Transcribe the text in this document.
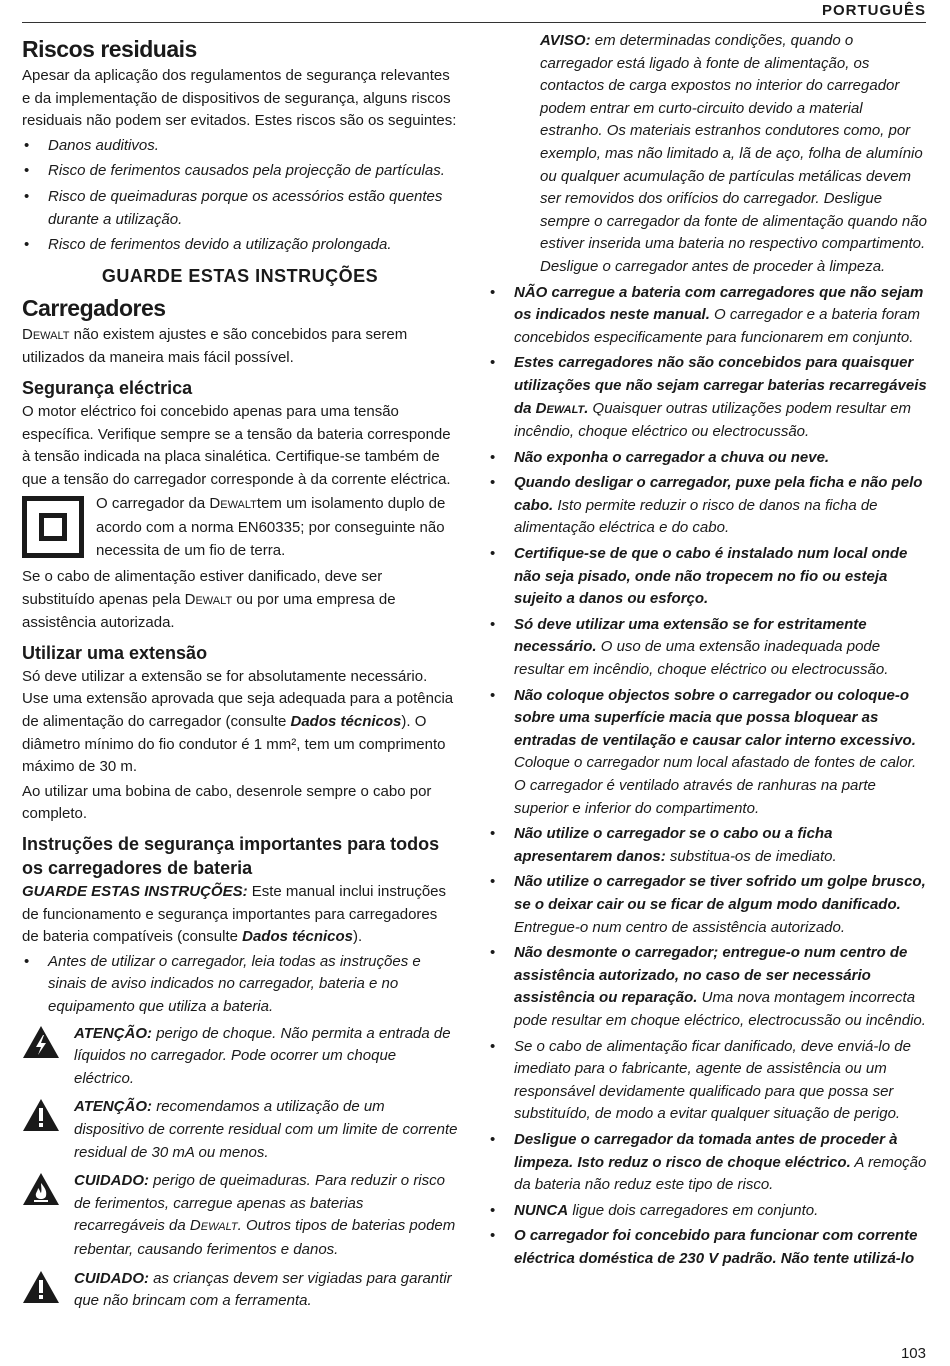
PORTUGUÊS
Riscos residuais

Apesar da aplicação dos regulamentos de segurança relevantes e da implementação de dispositivos de segurança, alguns riscos residuais não podem ser evitados. Estes riscos são os seguintes:

• Danos auditivos.
• Risco de ferimentos causados pela projecção de partículas.
• Risco de queimaduras porque os acessórios estão quentes durante a utilização.
• Risco de ferimentos devido a utilização prolongada.
GUARDE ESTAS INSTRUÇÕES
Carregadores

DEWALT não existem ajustes e são concebidos para serem utilizados da maneira mais fácil possível.

Segurança eléctrica

O motor eléctrico foi concebido apenas para uma tensão específica. Verifique sempre se a tensão da bateria corresponde à tensão indicada na placa sinalética. Certifique-se também de que a tensão do carregador corresponde à da corrente eléctrica.

O carregador da DEWALTtem um isolamento duplo de acordo com a norma EN60335; por conseguinte não necessita de um fio de terra.

Se o cabo de alimentação estiver danificado, deve ser substituído apenas pela DEWALT ou por uma empresa de assistência autorizada.

Utilizar uma extensão

Só deve utilizar a extensão se for absolutamente necessário. Use uma extensão aprovada que seja adequada para a potência de alimentação do carregador (consulte Dados técnicos). O diâmetro mínimo do fio condutor é 1 mm², tem um comprimento máximo de 30 m.

Ao utilizar uma bobina de cabo, desenrole sempre o cabo por completo.

Instruções de segurança importantes para todos os carregadores de bateria

GUARDE ESTAS INSTRUÇÕES: Este manual inclui instruções de funcionamento e segurança importantes para carregadores de bateria compatíveis (consulte Dados técnicos).

• Antes de utilizar o carregador, leia todas as instruções e sinais de aviso indicados no carregador, bateria e no equipamento que utiliza a bateria.
ATENÇÃO: perigo de choque. Não permita a entrada de líquidos no carregador. Pode ocorrer um choque eléctrico.
ATENÇÃO: recomendamos a utilização de um dispositivo de corrente residual com um limite de corrente residual de 30 mA ou menos.
CUIDADO: perigo de queimaduras. Para reduzir o risco de ferimentos, carregue apenas as baterias recarregáveis da DEWALT. Outros tipos de baterias podem rebentar, causando ferimentos e danos.
CUIDADO: as crianças devem ser vigiadas para garantir que não brincam com a ferramenta.

AVISO: em determinadas condições, quando o carregador está ligado à fonte de alimentação, os contactos de carga expostos no interior do carregador podem entrar em curto-circuito devido a material estranho. Os materiais estranhos condutores como, por exemplo, mas não limitado a, lã de aço, folha de alumínio ou qualquer acumulação de partículas metálicas devem ser removidos dos orifícios do carregador. Desligue sempre o carregador da fonte de alimentação quando não estiver inserida uma bateria no respectivo compartimento. Desligue o carregador antes de proceder à limpeza.

• NÃO carregue a bateria com carregadores que não sejam os indicados neste manual. O carregador e a bateria foram concebidos especificamente para funcionarem em conjunto.
• Estes carregadores não são concebidos para quaisquer utilizações que não sejam carregar baterias recarregáveis da DEWALT. Quaisquer outras utilizações podem resultar em incêndio, choque eléctrico ou electrocussão.
• Não exponha o carregador a chuva ou neve.
• Quando desligar o carregador, puxe pela ficha e não pelo cabo. Isto permite reduzir o risco de danos na ficha de alimentação eléctrica e do cabo.
• Certifique-se de que o cabo é instalado num local onde não seja pisado, onde não tropecem no fio ou esteja sujeito a danos ou esforço.
• Só deve utilizar uma extensão se for estritamente necessário. O uso de uma extensão inadequada pode resultar em incêndio, choque eléctrico ou electrocussão.
• Não coloque objectos sobre o carregador ou coloque-o sobre uma superfície macia que possa bloquear as entradas de ventilação e causar calor interno excessivo. Coloque o carregador num local afastado de fontes de calor. O carregador é ventilado através de ranhuras na parte superior e inferior do compartimento.
• Não utilize o carregador se o cabo ou a ficha apresentarem danos: substitua-os de imediato.
• Não utilize o carregador se tiver sofrido um golpe brusco, se o deixar cair ou se ficar de algum modo danificado. Entregue-o num centro de assistência autorizado.
• Não desmonte o carregador; entregue-o num centro de assistência autorizado, no caso de ser necessário assistência ou reparação. Uma nova montagem incorrecta pode resultar em choque eléctrico, electrocussão ou incêndio.
• Se o cabo de alimentação ficar danificado, deve enviá-lo de imediato para o fabricante, agente de assistência ou um responsável devidamente qualificado para que possa ser substituído, de modo a evitar qualquer situação de perigo.
• Desligue o carregador da tomada antes de proceder à limpeza. Isto reduz o risco de choque eléctrico. A remoção da bateria não reduz este tipo de risco.
• NUNCA ligue dois carregadores em conjunto.
• O carregador foi concebido para funcionar com corrente eléctrica doméstica de 230 V padrão. Não tente utilizá-lo
103
